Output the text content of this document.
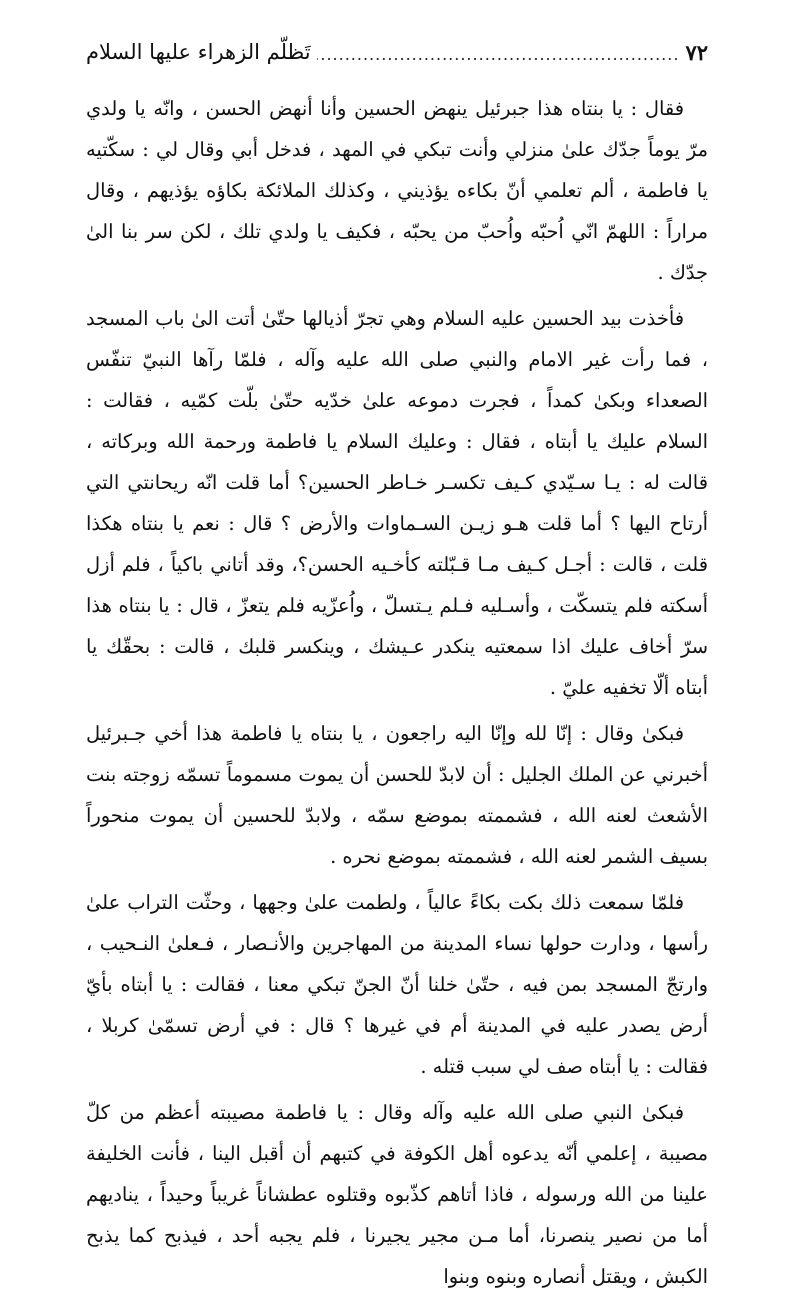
٧٢
.....
تَظلُّم الزهراء عليها السلام

فقال : يا بنتاه هذا جبرئيل ينهض الحسين وأنا أنهض الحسن ، وانّه يا ولدي مرّ يوماً جدّك علىٰ منزلي وأنت تبكي في المهد ، فدخل أبي وقال لي : سكّتيه يا فاطمة ، ألم تعلمي أنّ بكاءه يؤذيني ، وكذلك الملائكة بكاؤه يؤذيهم ، وقال مراراً : اللهمّ انّي اُحبّه واُحبّ من يحبّه ، فكيف يا ولدي تلك ، لكن سر بنا الىٰ جدّك .

فأخذت بيد الحسين عليه السلام وهي تجرّ أذيالها حتّىٰ أتت الىٰ باب المسجد ، فما رأت غير الامام والنبي صلى الله عليه وآله ، فلمّا رآها النبيّ تنفّس الصعداء وبكىٰ كمداً ، فجرت دموعه علىٰ خدّيه حتّىٰ بلّت كمّيه ، فقالت : السلام عليك يا أبتاه ، فقال : وعليك السلام يا فاطمة ورحمة الله وبركاته ، قالت له : يـا سـيّدي كـيف تكسـر خـاطر الحسين؟ أما قلت انّه ريحانتي التي أرتاح اليها ؟ أما قلت هـو زيـن السـماوات والأرض ؟ قال : نعم يا بنتاه هكذا قلت ، قالت : أجـل كـيف مـا قـبّلته كأخـيه الحسن؟، وقد أتاني باكياً ، فلم أزل أسكته فلم يتسكّت ، وأسـليه فـلم يـتسلّ ، واُعزّيه فلم يتعزّ ، قال : يا بنتاه هذا سرّ أخاف عليك اذا سمعتيه ينكدر عـيشك ، وينكسر قلبك ، قالت : بحقّك يا أبتاه ألّا تخفيه عليّ .

فبكىٰ وقال : إنّا لله وإنّا اليه راجعون ، يا بنتاه يا فاطمة هذا أخي جـبرئيل أخبرني عن الملك الجليل : أن لابدّ للحسن أن يموت مسموماً تسمّه زوجته بنت الأشعث لعنه الله ، فشممته بموضع سمّه ، ولابدّ للحسين أن يموت منحوراً بسيف الشمر لعنه الله ، فشممته بموضع نحره .

فلمّا سمعت ذلك بكت بكاءً عالياً ، ولطمت علىٰ وجهها ، وحثّت التراب علىٰ رأسها ، ودارت حولها نساء المدينة من المهاجرين والأنـصار ، فـعلىٰ النـحيب ، وارتجّ المسجد بمن فيه ، حتّىٰ خلنا أنّ الجنّ تبكي معنا ، فقالت : يا أبتاه بأيّ أرض يصدر عليه في المدينة أم في غيرها ؟ قال : في أرض تسمّىٰ كربلا ، فقالت : يا أبتاه صف لي سبب قتله .

فبكىٰ النبي صلى الله عليه وآله وقال : يا فاطمة مصيبته أعظم من كلّ مصيبة ، إعلمي أنّه يدعوه أهل الكوفة في كتبهم أن أقبل الينا ، فأنت الخليفة علينا من الله ورسوله ، فاذا أتاهم كذّبوه وقتلوه عطشاناً غريباً وحيداً ، يناديهم أما من نصير ينصرنا، أما مـن مجير يجيرنا ، فلم يجبه أحد ، فيذبح كما يذبح الكبش ، ويقتل أنصاره وبنوه وبنوا
